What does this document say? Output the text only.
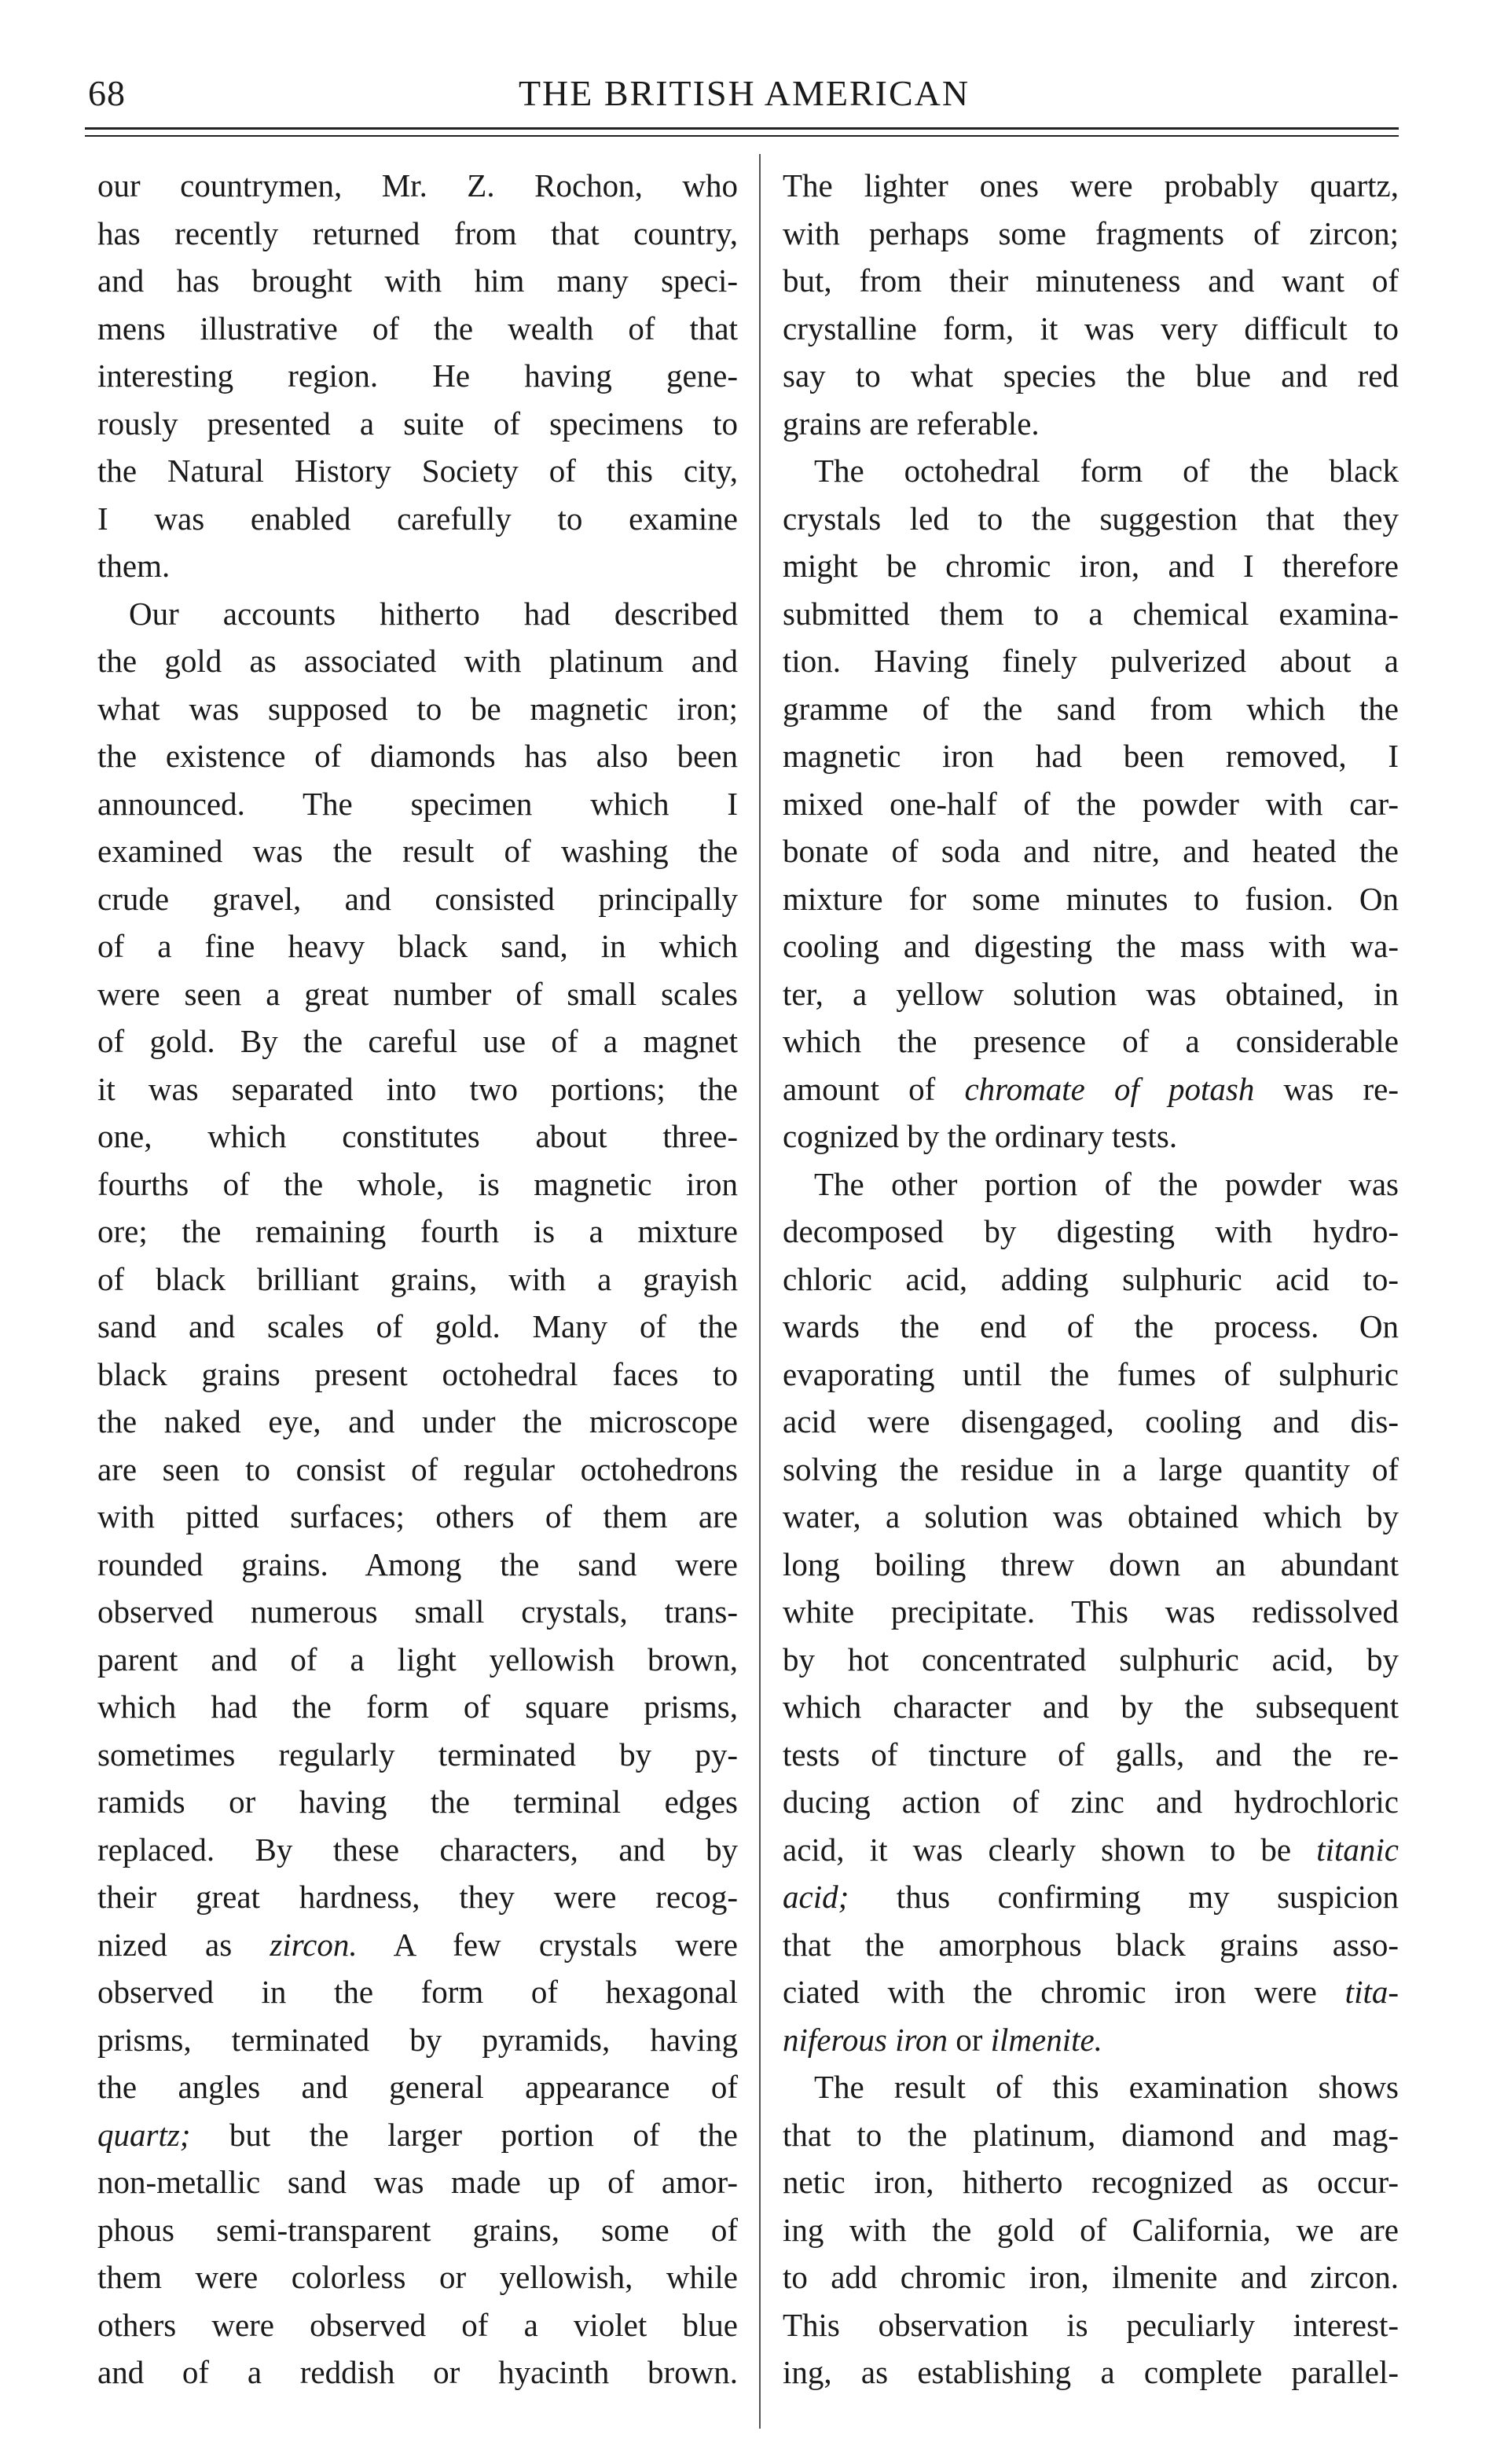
68	THE BRITISH AMERICAN
our countrymen, Mr. Z. Rochon, who
has recently returned from that country,
and has brought with him many speci-
mens illustrative of the wealth of that
interesting region. He having gene-
rously presented a suite of specimens to
the Natural History Society of this city,
I was enabled carefully to examine
them.
Our accounts hitherto had described
the gold as associated with platinum and
what was supposed to be magnetic iron;
the existence of diamonds has also been
announced. The specimen which I
examined was the result of washing the
crude gravel, and consisted principally
of a fine heavy black sand, in which
were seen a great number of small scales
of gold. By the careful use of a magnet
it was separated into two portions; the
one, which constitutes about three-
fourths of the whole, is magnetic iron
ore; the remaining fourth is a mixture
of black brilliant grains, with a grayish
sand and scales of gold. Many of the
black grains present octohedral faces to
the naked eye, and under the microscope
are seen to consist of regular octohedrons
with pitted surfaces; others of them are
rounded grains. Among the sand were
observed numerous small crystals, trans-
parent and of a light yellowish brown,
which had the form of square prisms,
sometimes regularly terminated by py-
ramids or having the terminal edges
replaced. By these characters, and by
their great hardness, they were recog-
nized as zircon. A few crystals were
observed in the form of hexagonal
prisms, terminated by pyramids, having
the angles and general appearance of
quartz; but the larger portion of the
non-metallic sand was made up of amor-
phous semi-transparent grains, some of
them were colorless or yellowish, while
others were observed of a violet blue
and of a reddish or hyacinth brown.
The lighter ones were probably quartz,
with perhaps some fragments of zircon;
but, from their minuteness and want of
crystalline form, it was very difficult to
say to what species the blue and red
grains are referable.
The octohedral form of the black
crystals led to the suggestion that they
might be chromic iron, and I therefore
submitted them to a chemical examina-
tion. Having finely pulverized about a
gramme of the sand from which the
magnetic iron had been removed, I
mixed one-half of the powder with car-
bonate of soda and nitre, and heated the
mixture for some minutes to fusion. On
cooling and digesting the mass with wa-
ter, a yellow solution was obtained, in
which the presence of a considerable
amount of chromate of potash was re-
cognized by the ordinary tests.
The other portion of the powder was
decomposed by digesting with hydro-
chloric acid, adding sulphuric acid to-
wards the end of the process. On
evaporating until the fumes of sulphuric
acid were disengaged, cooling and dis-
solving the residue in a large quantity of
water, a solution was obtained which by
long boiling threw down an abundant
white precipitate. This was redissolved
by hot concentrated sulphuric acid, by
which character and by the subsequent
tests of tincture of galls, and the re-
ducing action of zinc and hydrochloric
acid, it was clearly shown to be titanic
acid; thus confirming my suspicion
that the amorphous black grains asso-
ciated with the chromic iron were tita-
niferous iron or ilmenite.
The result of this examination shows
that to the platinum, diamond and mag-
netic iron, hitherto recognized as occur-
ing with the gold of California, we are
to add chromic iron, ilmenite and zircon.
This observation is peculiarly interest-
ing, as establishing a complete parallel-
